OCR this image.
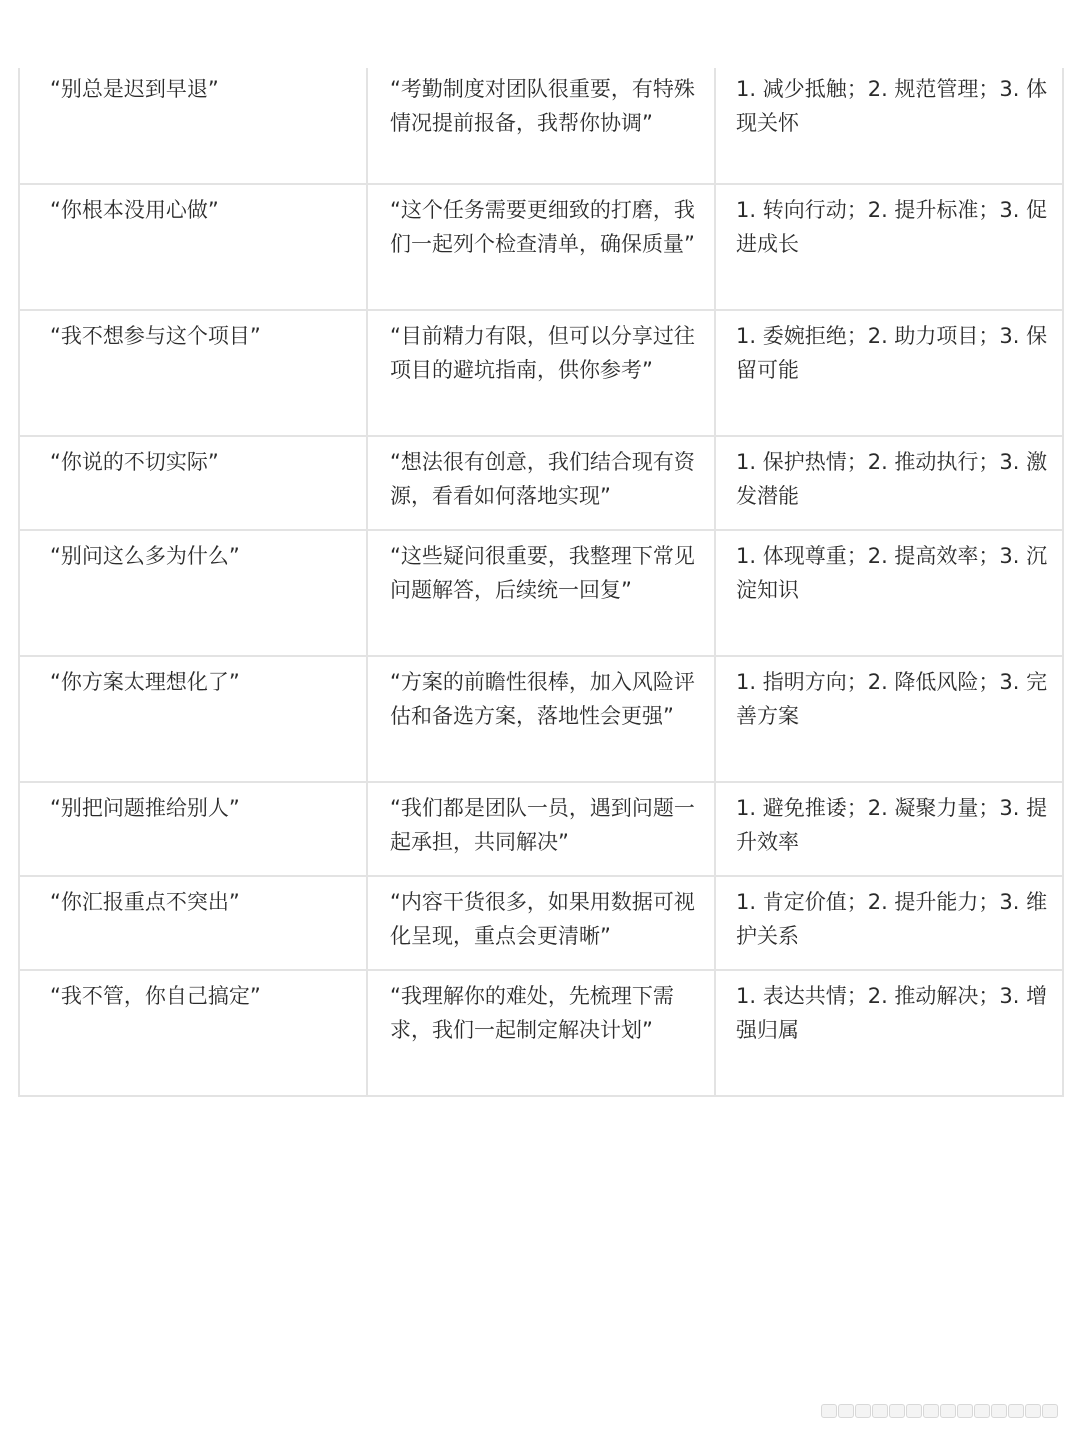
“别总是迟到早退”	“考勤制度对团队很重要，有特殊情况提前报备，我帮你协调”	1. 减少抵触；2. 规范管理；3. 体现关怀
“你根本没用心做”	“这个任务需要更细致的打磨，我们一起列个检查清单，确保质量”	1. 转向行动；2. 提升标准；3. 促进成长
“我不想参与这个项目”	“目前精力有限，但可以分享过往项目的避坑指南，供你参考”	1. 委婉拒绝；2. 助力项目；3. 保留可能
“你说的不切实际”	“想法很有创意，我们结合现有资源，看看如何落地实现”	1. 保护热情；2. 推动执行；3. 激发潜能
“别问这么多为什么”	“这些疑问很重要，我整理下常见问题解答，后续统一回复”	1. 体现尊重；2. 提高效率；3. 沉淀知识
“你方案太理想化了”	“方案的前瞻性很棒，加入风险评估和备选方案，落地性会更强”	1. 指明方向；2. 降低风险；3. 完善方案
“别把问题推给别人”	“我们都是团队一员，遇到问题一起承担，共同解决”	1. 避免推诿；2. 凝聚力量；3. 提升效率
“你汇报重点不突出”	“内容干货很多，如果用数据可视化呈现，重点会更清晰”	1. 肯定价值；2. 提升能力；3. 维护关系
“我不管，你自己搞定”	“我理解你的难处，先梳理下需求，我们一起制定解决计划”	1. 表达共情；2. 推动解决；3. 增强归属
